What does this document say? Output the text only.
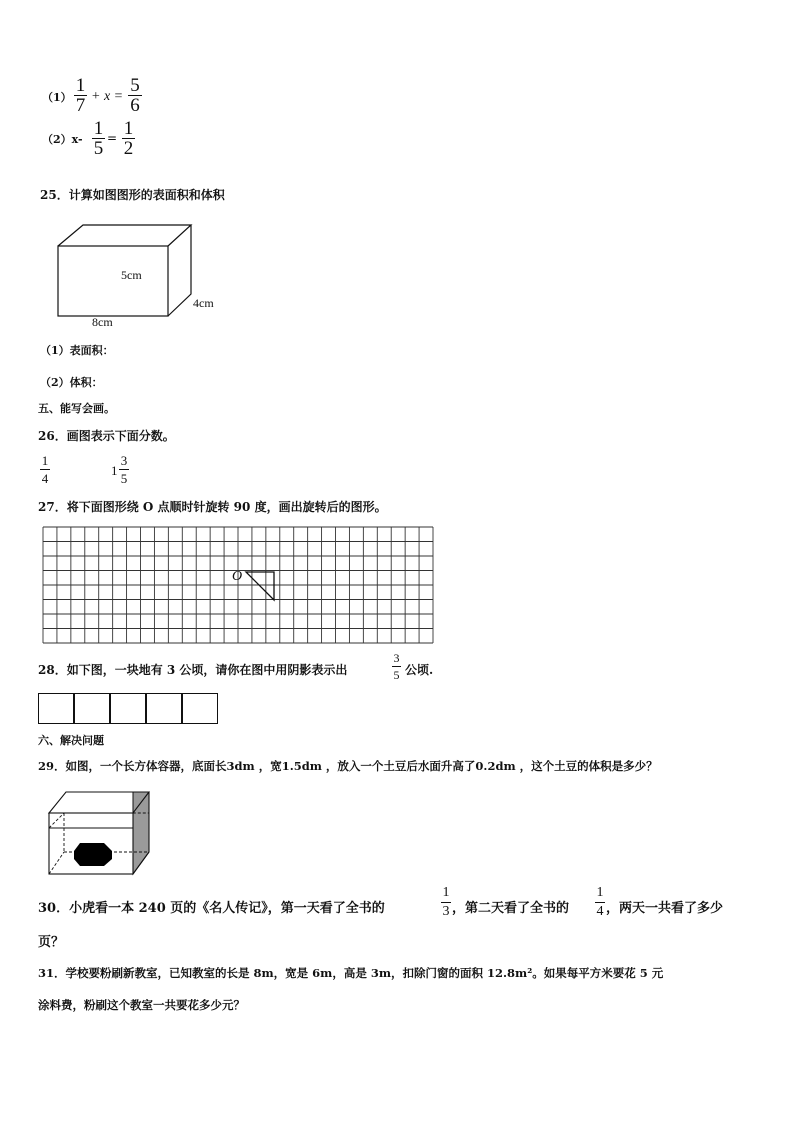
（1）
1
7 + x =
5
6
（2）x-
1
5 = 1
2
25．计算如图图形的表面积和体积
5cm
4cm
8cm
（1）表面积：
（2）体积：
五、能写会画。
26．画图表示下面分数。
1
4
1
3
5
27．将下面图形绕 O 点顺时针旋转 90 度，画出旋转后的图形。
O
28．如下图，一块地有 3 公顷，请你在图中用阴影表示出
3
5 公顷.
六、解决问题
29．如图，一个长方体容器，底面长3dm ，宽1.5dm ，放入一个土豆后水面升高了0.2dm ，这个土豆的体积是多少？
30．小虎看一本 240 页的《名人传记》，第一天看了全书的
1
3 ，第二天看了全书的
1
4 ，两天一共看了多少
页？
31．学校要粉刷新教室，已知教室的长是 8m，宽是 6m，高是 3m，扣除门窗的面积 12.8m²。如果每平方米要花 5 元
涂料费，粉刷这个教室一共要花多少元？
